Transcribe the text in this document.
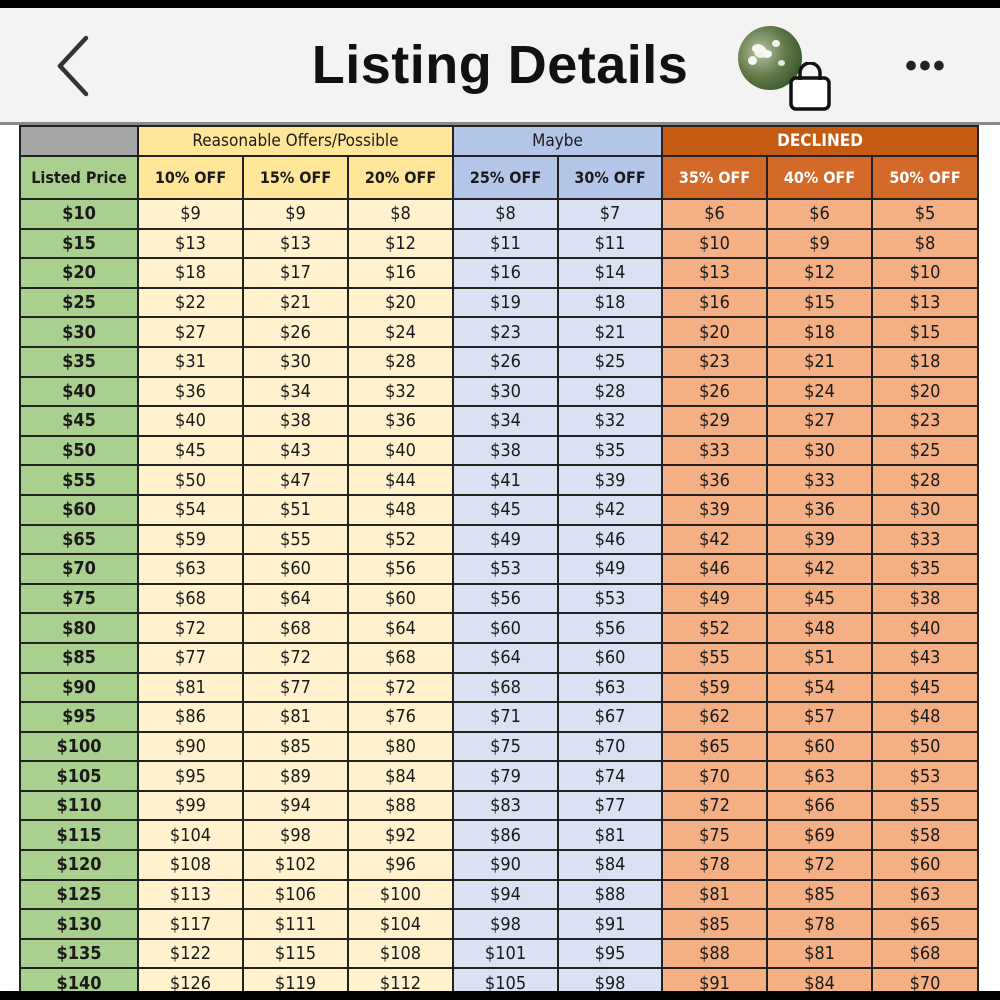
Listing Details	•••
	Reasonable Offers/Possible			Maybe		DECLINED		
Listed Price	10% OFF	15% OFF	20% OFF	25% OFF	30% OFF	35% OFF	40% OFF	50% OFF
$10	$9	$9	$8	$8	$7	$6	$6	$5
$15	$13	$13	$12	$11	$11	$10	$9	$8
$20	$18	$17	$16	$16	$14	$13	$12	$10
$25	$22	$21	$20	$19	$18	$16	$15	$13
$30	$27	$26	$24	$23	$21	$20	$18	$15
$35	$31	$30	$28	$26	$25	$23	$21	$18
$40	$36	$34	$32	$30	$28	$26	$24	$20
$45	$40	$38	$36	$34	$32	$29	$27	$23
$50	$45	$43	$40	$38	$35	$33	$30	$25
$55	$50	$47	$44	$41	$39	$36	$33	$28
$60	$54	$51	$48	$45	$42	$39	$36	$30
$65	$59	$55	$52	$49	$46	$42	$39	$33
$70	$63	$60	$56	$53	$49	$46	$42	$35
$75	$68	$64	$60	$56	$53	$49	$45	$38
$80	$72	$68	$64	$60	$56	$52	$48	$40
$85	$77	$72	$68	$64	$60	$55	$51	$43
$90	$81	$77	$72	$68	$63	$59	$54	$45
$95	$86	$81	$76	$71	$67	$62	$57	$48
$100	$90	$85	$80	$75	$70	$65	$60	$50
$105	$95	$89	$84	$79	$74	$70	$63	$53
$110	$99	$94	$88	$83	$77	$72	$66	$55
$115	$104	$98	$92	$86	$81	$75	$69	$58
$120	$108	$102	$96	$90	$84	$78	$72	$60
$125	$113	$106	$100	$94	$88	$81	$85	$63
$130	$117	$111	$104	$98	$91	$85	$78	$65
$135	$122	$115	$108	$101	$95	$88	$81	$68
$140	$126	$119	$112	$105	$98	$91	$84	$70
